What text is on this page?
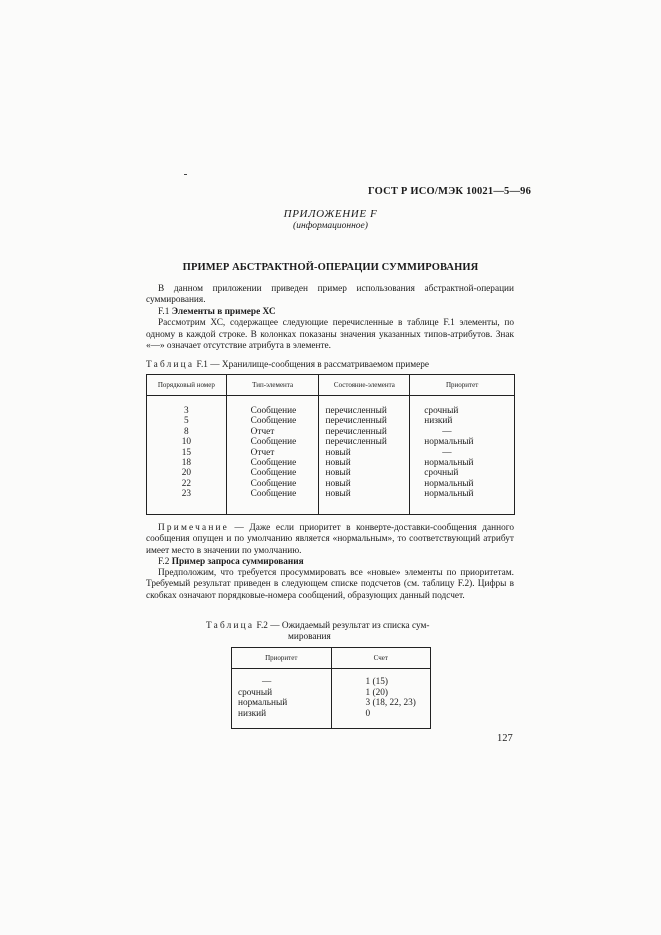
ГОСТ Р ИСО/МЭК 10021—5—96
ПРИЛОЖЕНИЕ F
(информационное)
ПРИМЕР АБСТРАКТНОЙ-ОПЕРАЦИИ СУММИРОВАНИЯ
В данном приложении приведен пример использования абстрактной-операции суммирования.
F.1 Элементы в примере ХС
Рассмотрим ХС, содержащее следующие перечисленные в таблице F.1 элементы, по одному в каждой строке. В колонках показаны значения указанных типов-атрибутов. Знак «—» означает отсутствие атрибута в элементе.
Таблица F.1 — Хранилище-сообщения в рассматриваемом примере
Порядковый номер	Тип-элемента	Состояние-элемента	Приоритет

3	Сообщение	перечисленный	срочный
5	Сообщение	перечисленный	низкий
8	Отчет	перечисленный	—
10	Сообщение	перечисленный	нормальный
15	Отчет	новый	—
18	Сообщение	новый	нормальный
20	Сообщение	новый	срочный
22	Сообщение	новый	нормальный
23	Сообщение	новый	нормальный

Примечание — Даже если приоритет в конверте-доставки-сообщения данного сообщения опущен и по умолчанию является «нормальным», то соответствующий атрибут имеет место в значении по умолчанию.
F.2 Пример запроса суммирования
Предположим, что требуется просуммировать все «новые» элементы по приоритетам. Требуемый результат приведен в следующем списке подсчетов (см. таблицу F.2). Цифры в скобках означают порядковые-номера сообщений, образующих данный подсчет.
Таблица F.2 — Ожидаемый результат из списка сум-
мирования
Приоритет	Счет

—	1 (15)
срочный	1 (20)
нормальный	3 (18, 22, 23)
низкий	0

127
